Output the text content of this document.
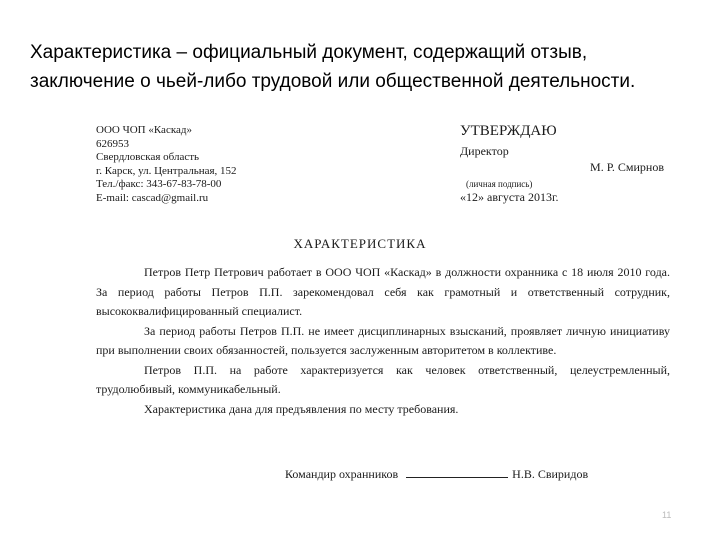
Характеристика – официальный документ, содержащий отзыв, заключение о чьей-либо трудовой или общественной деятельности.
ООО ЧОП «Каскад»
626953
Свердловская область
г. Карск, ул. Центральная, 152
Тел./факс: 343-67-83-78-00
E-mail: cascad@gmail.ru
УТВЕРЖДАЮ
Директор
М. Р. Смирнов
(личная подпись)
«12» августа 2013г.
ХАРАКТЕРИСТИКА

Петров Петр Петрович работает в ООО ЧОП «Каскад» в должности охранника с 18 июля 2010 года. За период работы Петров П.П. зарекомендовал себя как грамотный и ответственный сотрудник, высококвалифицированный специалист.

За период работы Петров П.П. не имеет дисциплинарных взысканий, проявляет личную инициативу при выполнении своих обязанностей, пользуется заслуженным авторитетом в коллективе.

Петров П.П. на работе характеризуется как человек ответственный, целеустремленный, трудолюбивый, коммуникабельный.

Характеристика дана для предъявления по месту требования.

Командир охранников	Н.В. Свиридов
11
